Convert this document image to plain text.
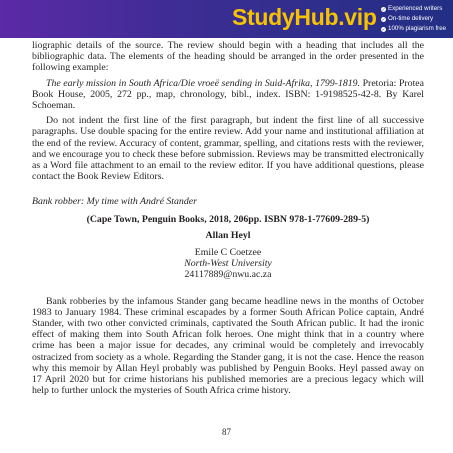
StudyHub.vip ✓ Experienced writers
✓ On-time delivery
✓ 100% plagiarism free

liographic details of the source. The review should begin with a heading that includes all the bibliographic data. The elements of the heading should be arranged in the order presented in the following example:

The early mission in South Africa/Die vroeë sending in Suid-Afrika, 1799-1819. Pretoria: Protea Book House, 2005, 272 pp., map, chronology, bibl., index. ISBN: 1-9198525-42-8. By Karel Schoeman.

Do not indent the first line of the first paragraph, but indent the first line of all successive paragraphs. Use double spacing for the entire review. Add your name and institutional affiliation at the end of the review. Accuracy of content, grammar, spelling, and citations rests with the reviewer, and we encourage you to check these before submission. Reviews may be transmitted electronically as a Word file attachment to an email to the review editor. If you have additional questions, please contact the Book Review Editors.

Bank robber: My time with André Stander

(Cape Town, Penguin Books, 2018, 206pp. ISBN 978-1-77609-289-5)

Allan Heyl

Emile C Coetzee

North-West University

24117889@nwu.ac.za

Bank robberies by the infamous Stander gang became headline news in the months of October 1983 to January 1984. These criminal escapades by a former South African Police captain, André Stander, with two other convicted criminals, captivated the South African public. It had the ironic effect of making them into South African folk heroes. One might think that in a country where crime has been a major issue for decades, any criminal would be completely and irrevocably ostracized from society as a whole. Regarding the Stander gang, it is not the case. Hence the reason why this memoir by Allan Heyl probably was published by Penguin Books. Heyl passed away on 17 April 2020 but for crime historians his published memories are a precious legacy which will help to further unlock the mysteries of South Africa crime history.

87
